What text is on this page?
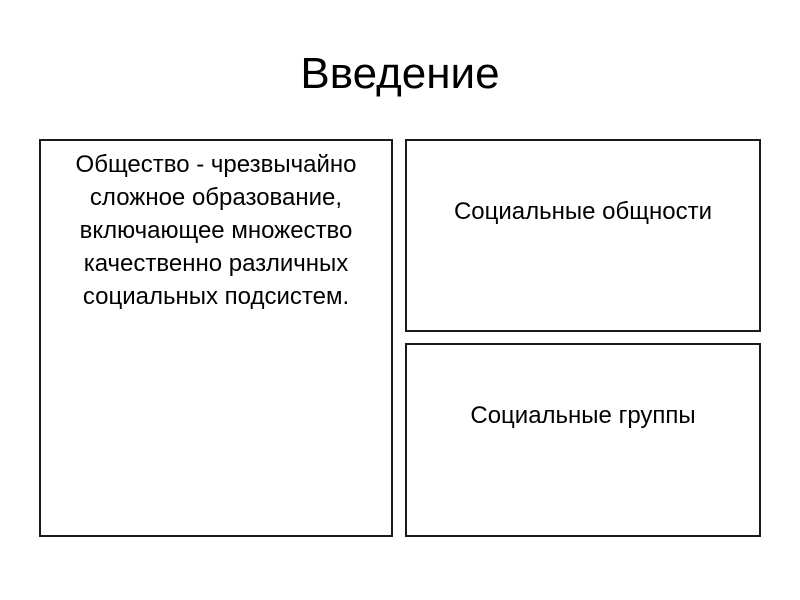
Введение
Общество - чрезвычайно сложное образование, включающее множество качественно различных социальных подсистем.
Социальные общности
Социальные группы
